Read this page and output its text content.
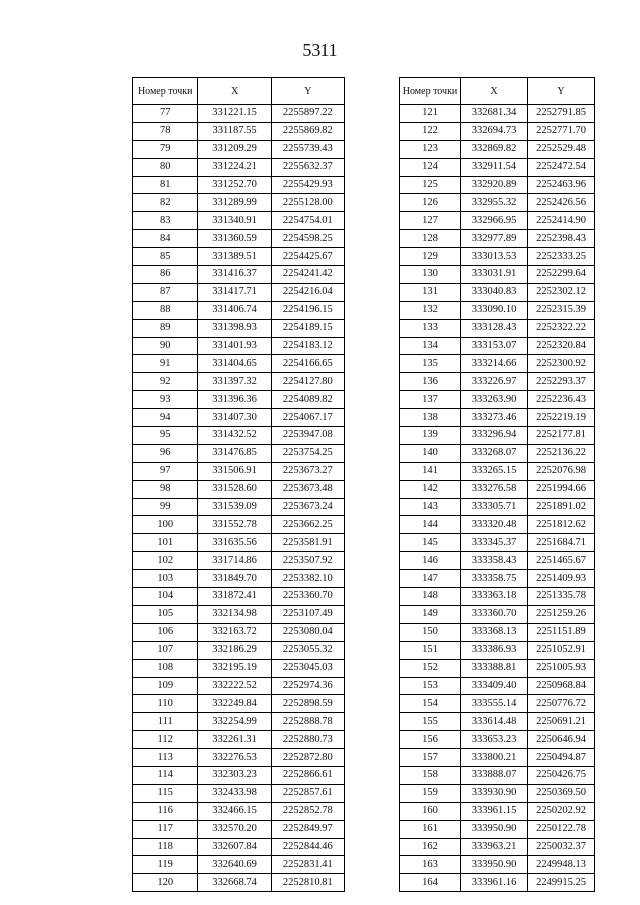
5311
Номер точки	X	Y
77	331221.15	2255897.22
78	331187.55	2255869.82
79	331209.29	2255739.43
80	331224.21	2255632.37
81	331252.70	2255429.93
82	331289.99	2255128.00
83	331340.91	2254754.01
84	331360.59	2254598.25
85	331389.51	2254425.67
86	331416.37	2254241.42
87	331417.71	2254216.04
88	331406.74	2254196.15
89	331398.93	2254189.15
90	331401.93	2254183.12
91	331404.65	2254166.65
92	331397.32	2254127.80
93	331396.36	2254089.82
94	331407.30	2254067.17
95	331432.52	2253947.08
96	331476.85	2253754.25
97	331506.91	2253673.27
98	331528.60	2253673.48
99	331539.09	2253673.24
100	331552.78	2253662.25
101	331635.56	2253581.91
102	331714.86	2253507.92
103	331849.70	2253382.10
104	331872.41	2253360.70
105	332134.98	2253107.49
106	332163.72	2253080.04
107	332186.29	2253055.32
108	332195.19	2253045.03
109	332222.52	2252974.36
110	332249.84	2252898.59
111	332254.99	2252888.78
112	332261.31	2252880.73
113	332276.53	2252872.80
114	332303.23	2252866.61
115	332433.98	2252857.61
116	332466.15	2252852.78
117	332570.20	2252849.97
118	332607.84	2252844.46
119	332640.69	2252831.41
120	332668.74	2252810.81
Номер точки	X	Y
121	332681.34	2252791.85
122	332694.73	2252771.70
123	332869.82	2252529.48
124	332911.54	2252472.54
125	332920.89	2252463.96
126	332955.32	2252426.56
127	332966.95	2252414.90
128	332977.89	2252398.43
129	333013.53	2252333.25
130	333031.91	2252299.64
131	333040.83	2252302.12
132	333090.10	2252315.39
133	333128.43	2252322.22
134	333153.07	2252320.84
135	333214.66	2252300.92
136	333226.97	2252293.37
137	333263.90	2252236.43
138	333273.46	2252219.19
139	333296.94	2252177.81
140	333268.07	2252136.22
141	333265.15	2252076.98
142	333276.58	2251994.66
143	333305.71	2251891.02
144	333320.48	2251812.62
145	333345.37	2251684.71
146	333358.43	2251465.67
147	333358.75	2251409.93
148	333363.18	2251335.78
149	333360.70	2251259.26
150	333368.13	2251151.89
151	333386.93	2251052.91
152	333388.81	2251005.93
153	333409.40	2250968.84
154	333555.14	2250776.72
155	333614.48	2250691.21
156	333653.23	2250646.94
157	333800.21	2250494.87
158	333888.07	2250426.75
159	333930.90	2250369.50
160	333961.15	2250202.92
161	333950.90	2250122.78
162	333963.21	2250032.37
163	333950.90	2249948.13
164	333961.16	2249915.25
